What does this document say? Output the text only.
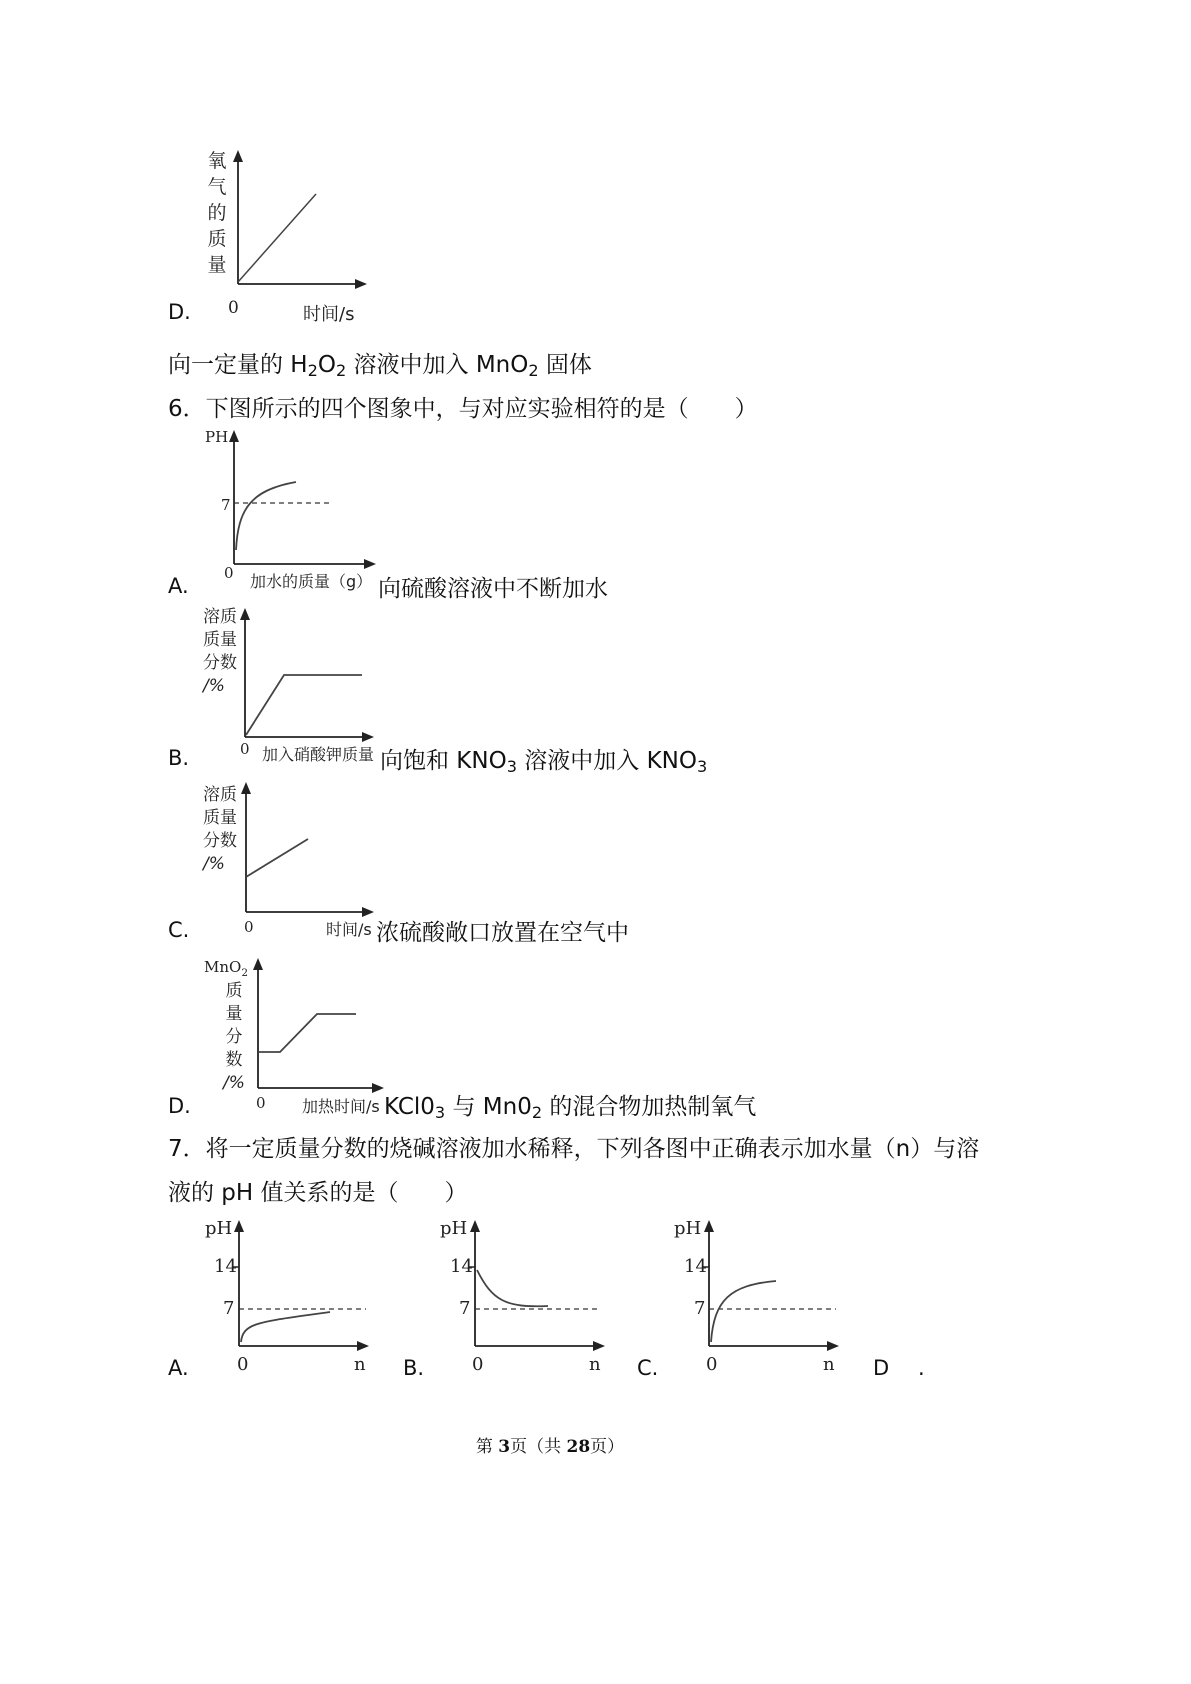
氧
气
的
质
量
0	时间/s
D.
向一定量的 $H_2O_2$ 溶液中加入 MnO$_2$ 固体
6．下图所示的四个图象中，与对应实验相符的是（　　）
PH
7
0 加水的质量（g）
A.	向硫酸溶液中不断加水
溶质
质量
分数
/%
0 加入硝酸钾质量
B.	向饱和 $KNO_3$ 溶液中加入 $KNO_3$
溶质
质量
分数
/%
0	时间/s
C.	浓硫酸敞口放置在空气中
MnO$_2$
质
量
分
数
/%
0 加热时间/s
D.	$KCl0_3$ 与 $Mn0_2$ 的混合物加热制氧气
7．将一定质量分数的烧碱溶液加水稀释，下列各图中正确表示加水量（n）与溶
液的 pH 值关系的是（　　）
pH
14
7
0	n
A.
pH
14
7
0	n
B.
pH
14
7
0	n
C.	D .
第 3页（共 28页）
